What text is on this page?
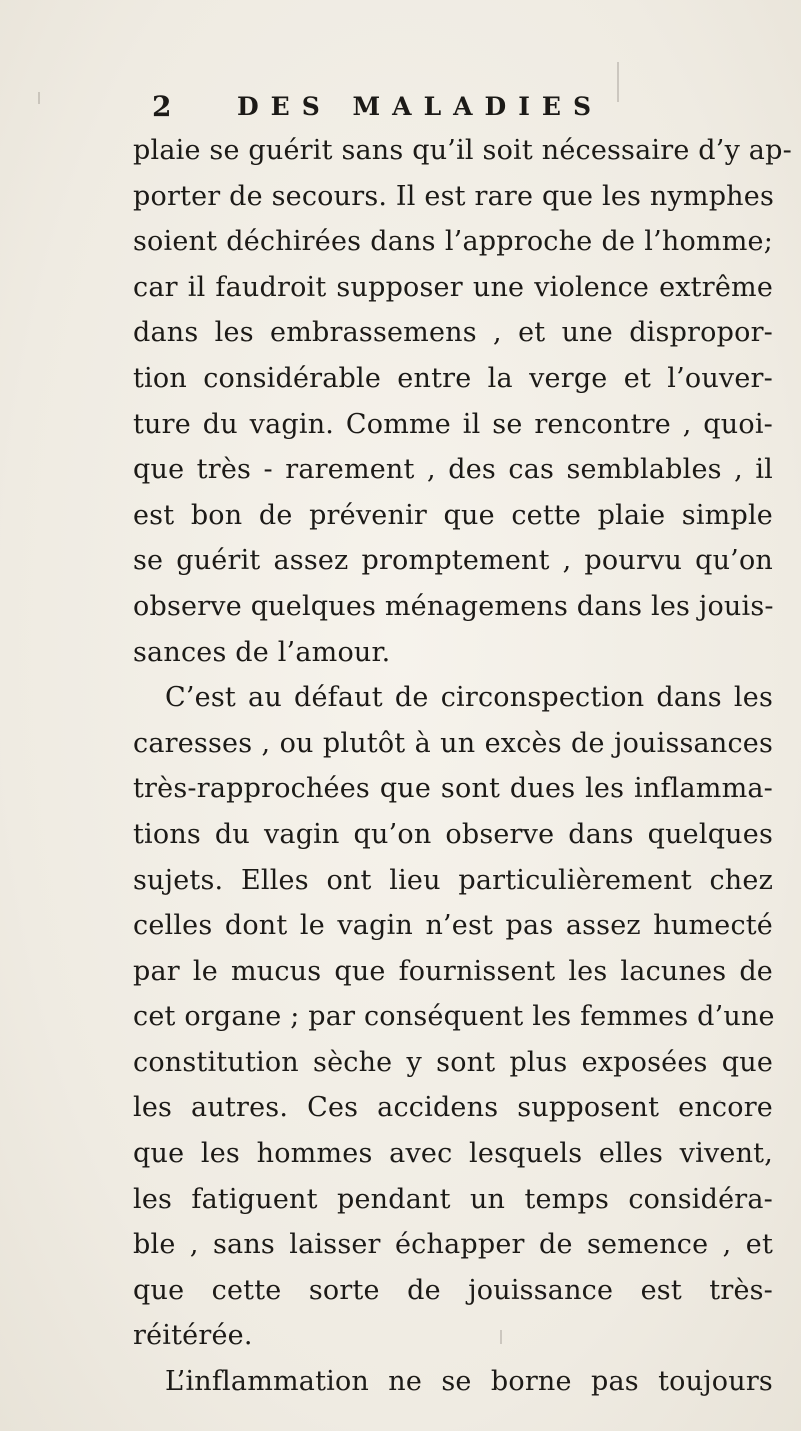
2	DES MALADIES
plaie se guérit sans qu’il soit nécessaire d’y ap-
porter de secours. Il est rare que les nymphes
soient déchirées dans l’approche de l’homme;
car il faudroit supposer une violence extrême
dans les embrassemens , et une dispropor-
tion considérable entre la verge et l’ouver-
ture du vagin. Comme il se rencontre , quoi-
que très - rarement , des cas semblables , il
est bon de prévenir que cette plaie simple
se guérit assez promptement , pourvu qu’on
observe quelques ménagemens dans les jouis-
sances de l’amour.
C’est au défaut de circonspection dans les
caresses , ou plutôt à un excès de jouissances
très-rapprochées que sont dues les inflamma-
tions du vagin qu’on observe dans quelques
sujets. Elles ont lieu particulièrement chez
celles dont le vagin n’est pas assez humecté
par le mucus que fournissent les lacunes de
cet organe ; par conséquent les femmes d’une
constitution sèche y sont plus exposées que
les autres. Ces accidens supposent encore
que les hommes avec lesquels elles vivent,
les fatiguent pendant un temps considéra-
ble , sans laisser échapper de semence , et
que cette sorte de jouissance est très-
réitérée.
L’inflammation ne se borne pas toujours
